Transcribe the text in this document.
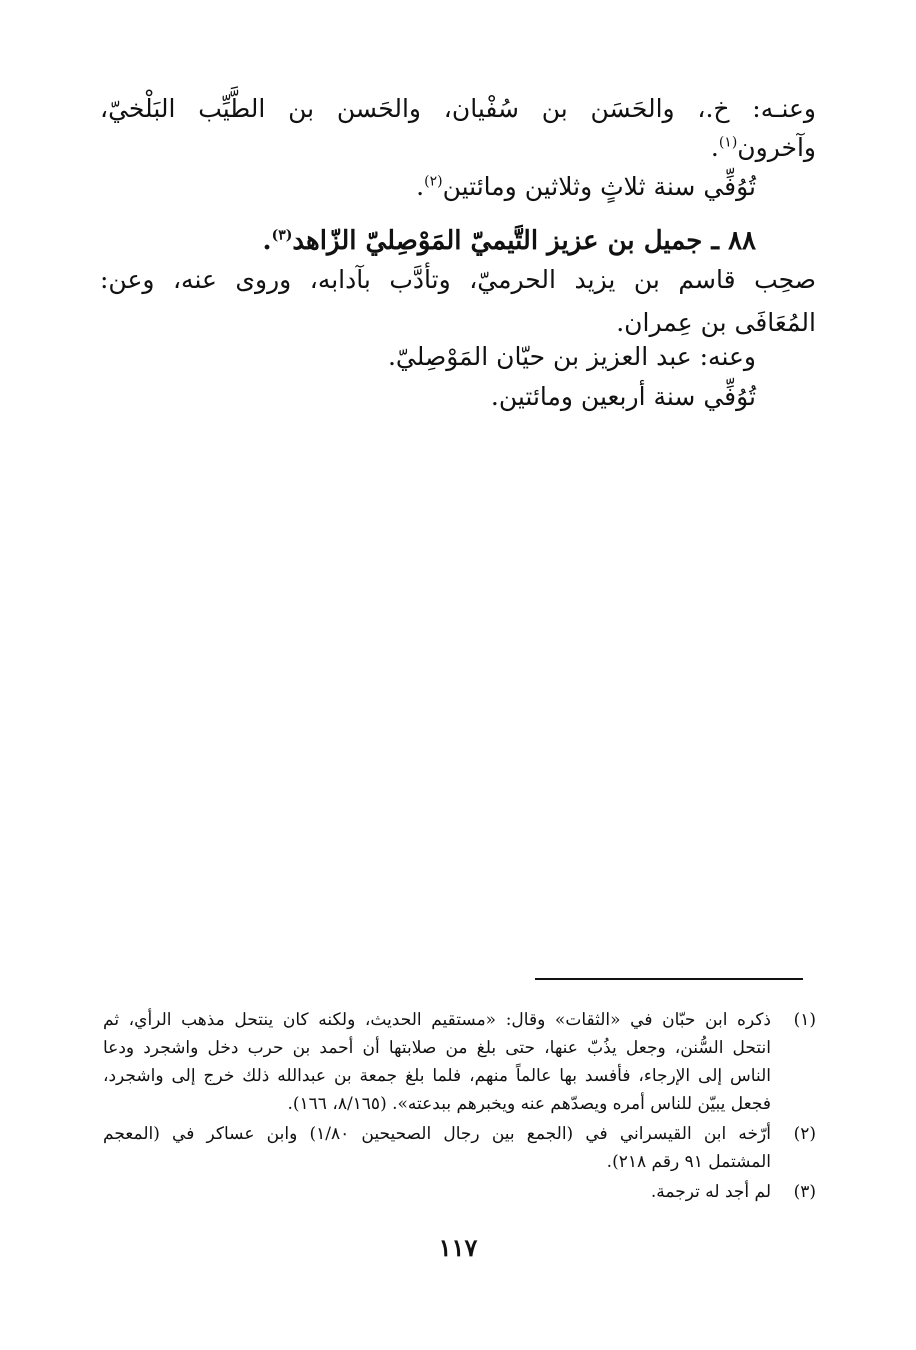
وعنـه: خ.، والحَسَن بن سُفْيان، والحَسن بن الطَّيِّب البَلْخيّ،
وآخرون$^{(١)}$.
تُوُفِّي سنة ثلاثٍ وثلاثين ومائتين$^{(٢)}$.
٨٨ ـ جميل بن عزيز التَّيميّ المَوْصِليّ الزّاهد$^{(٣)}$.
صحِب قاسم بن يزيد الحرميّ، وتأدَّب بآدابه، وروى عنه، وعن:
المُعَافَى بن عِمران.
وعنه: عبد العزيز بن حيّان المَوْصِليّ.
تُوُفِّي سنة أربعين ومائتين.
(١)
ذكره ابن حبّان في «الثقات» وقال: «مستقيم الحديث، ولكنه كان ينتحل مذهب الرأي، ثم
انتحل السُّنن، وجعل يذُبّ عنها، حتى بلغ من صلابتها أن أحمد بن حرب دخل واشجرد ودعا
الناس إلى الإرجاء، فأفسد بها عالماً منهم، فلما بلغ جمعة بن عبدالله ذلك خرج إلى واشجرد،
فجعل يبيّن للناس أمره ويصدّهم عنه ويخبرهم ببدعته». (٨/١٦٥، ١٦٦).
(٢)
أرّخه ابن القيسراني في (الجمع بين رجال الصحيحين ١/٨٠) وابن عساكر في (المعجم
المشتمل ٩١ رقم ٢١٨).
(٣)
لم أجد له ترجمة.
١١٧
